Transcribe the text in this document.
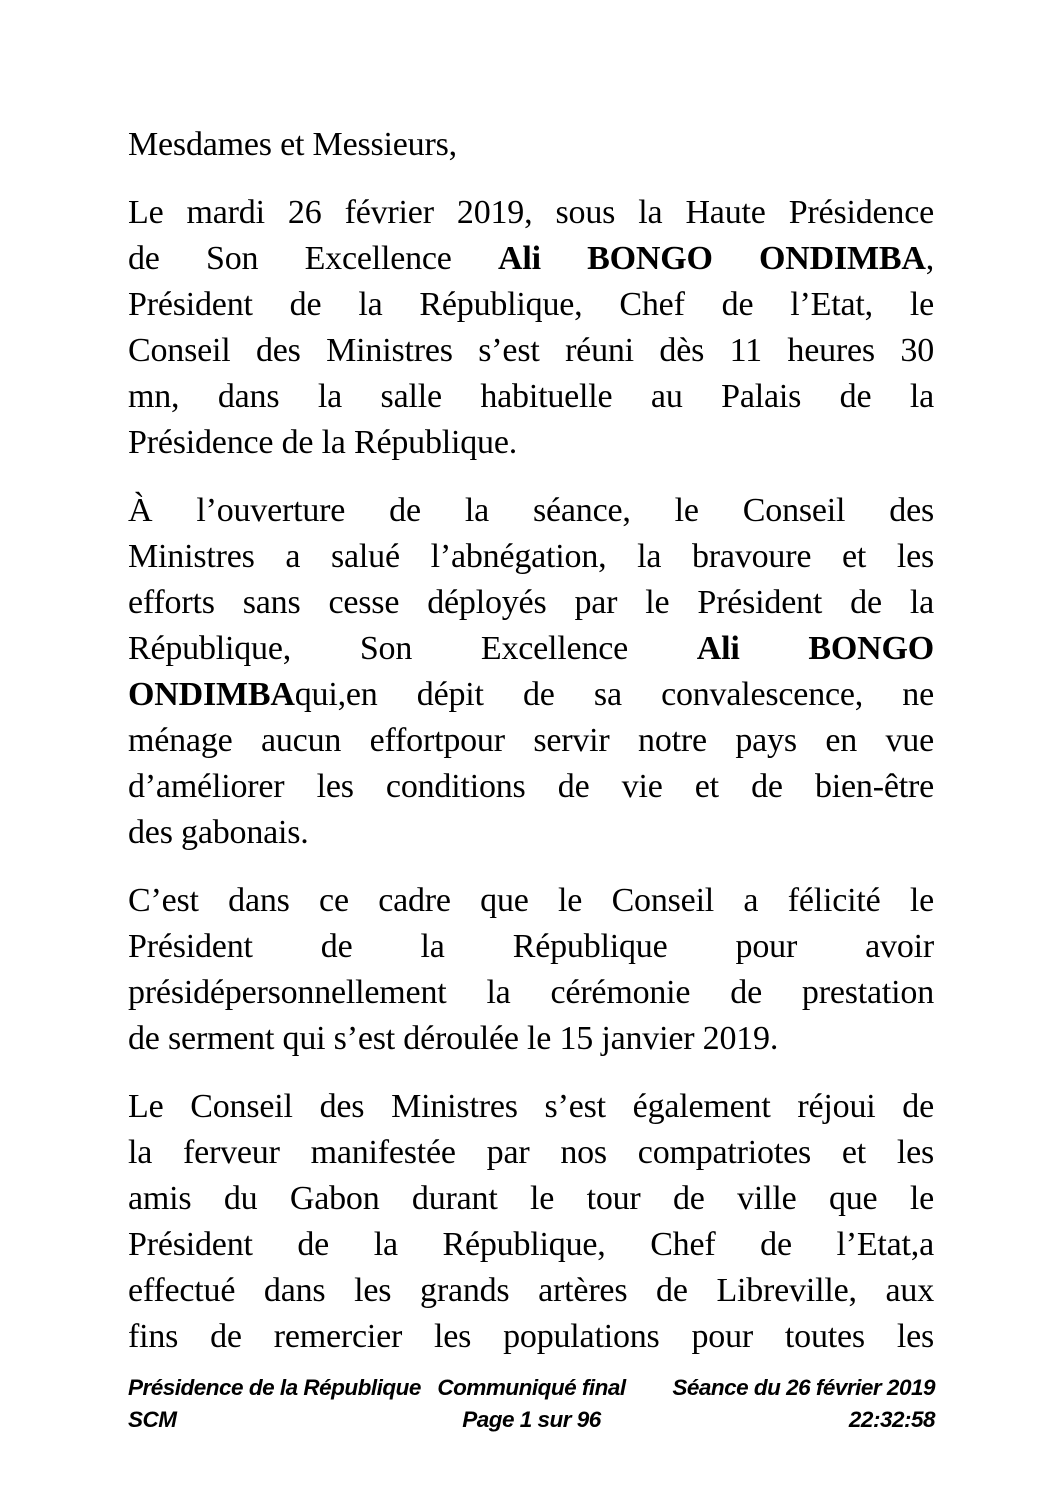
Mesdames et Messieurs,
Le mardi 26 février 2019, sous la Haute Présidence
de Son Excellence Ali BONGO ONDIMBA,
Président de la République, Chef de l’Etat, le
Conseil des Ministres s’est réuni dès 11 heures 30
mn, dans la salle habituelle au Palais de la
Présidence de la République.
À l’ouverture de la séance, le Conseil des
Ministres a salué l’abnégation, la bravoure et les
efforts sans cesse déployés par le Président de la
République, Son Excellence Ali BONGO
ONDIMBAqui,en dépit de sa convalescence, ne
ménage aucun effortpour servir notre pays en vue
d’améliorer les conditions de vie et de bien-être
des gabonais.
C’est dans ce cadre que le Conseil a félicité le
Président de la République pour avoir
présidépersonnellement la cérémonie de prestation
de serment qui s’est déroulée le 15 janvier 2019.
Le Conseil des Ministres s’est également réjoui de
la ferveur manifestée par nos compatriotes et les
amis du Gabon durant le tour de ville que le
Président de la République, Chef de l’Etat,a
effectué dans les grands artères de Libreville, aux
fins de remercier les populations pour toutes les
Présidence de la République
SCM
Communiqué final
Page 1 sur 96
Séance du 26 février 2019
22:32:58
